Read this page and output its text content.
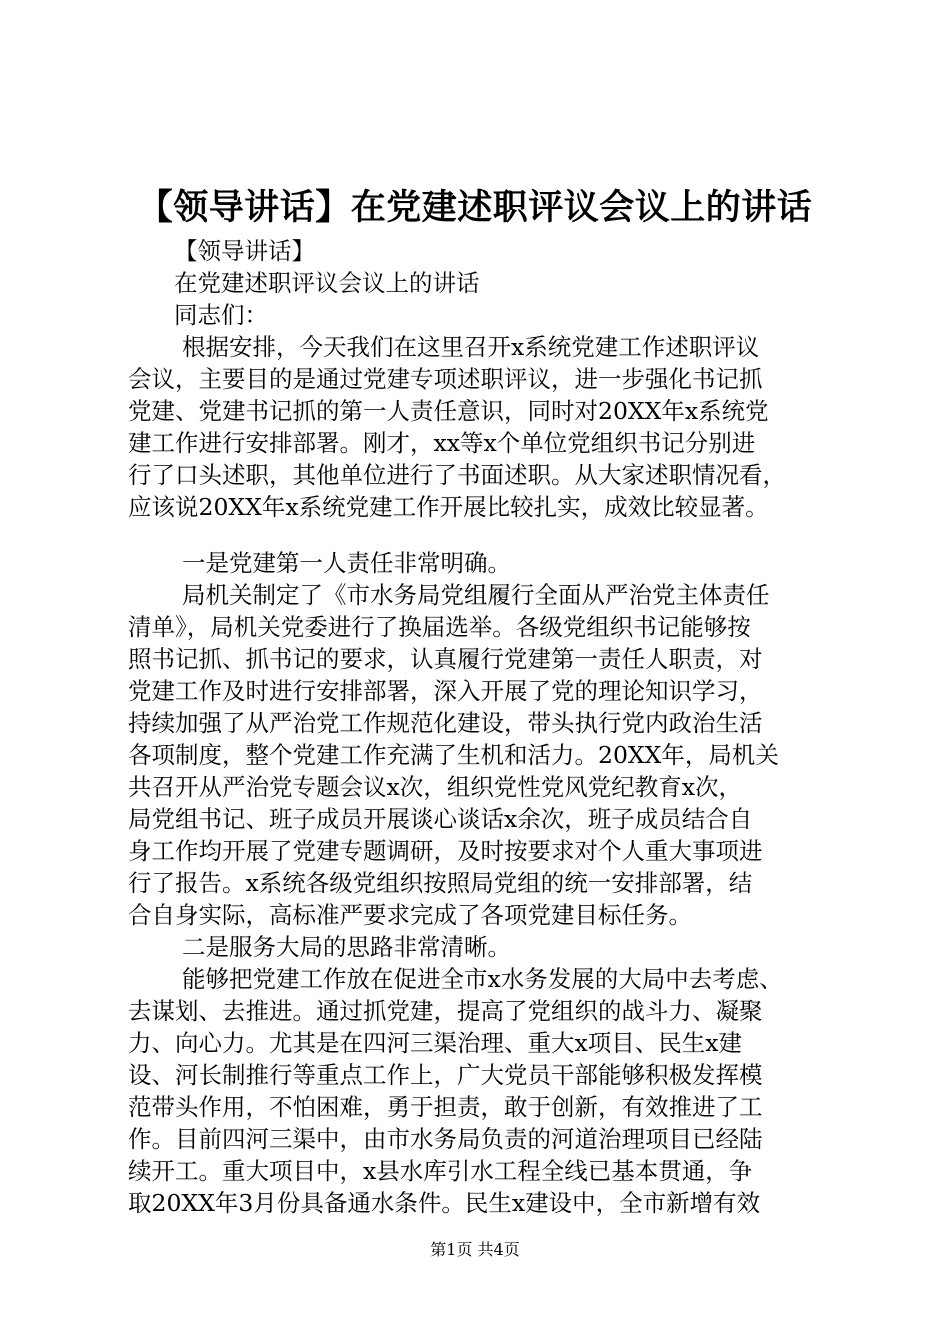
【领导讲话】在党建述职评议会议上的讲话

【领导讲话】

在党建述职评议会议上的讲话

同志们：

根据安排，今天我们在这里召开x系统党建工作述职评议

会议，主要目的是通过党建专项述职评议，进一步强化书记抓

党建、党建书记抓的第一人责任意识，同时对20XX年x系统党

建工作进行安排部署。刚才，xx等x个单位党组织书记分别进

行了口头述职，其他单位进行了书面述职。从大家述职情况看，

应该说20XX年x系统党建工作开展比较扎实，成效比较显著。

一是党建第一人责任非常明确。

局机关制定了《市水务局党组履行全面从严治党主体责任

清单》，局机关党委进行了换届选举。各级党组织书记能够按

照书记抓、抓书记的要求，认真履行党建第一责任人职责，对

党建工作及时进行安排部署，深入开展了党的理论知识学习，

持续加强了从严治党工作规范化建设，带头执行党内政治生活

各项制度，整个党建工作充满了生机和活力。20XX年，局机关

共召开从严治党专题会议x次，组织党性党风党纪教育x次，

局党组书记、班子成员开展谈心谈话x余次，班子成员结合自

身工作均开展了党建专题调研，及时按要求对个人重大事项进

行了报告。x系统各级党组织按照局党组的统一安排部署，结

合自身实际，高标准严要求完成了各项党建目标任务。

二是服务大局的思路非常清晰。

能够把党建工作放在促进全市x水务发展的大局中去考虑、

去谋划、去推进。通过抓党建，提高了党组织的战斗力、凝聚

力、向心力。尤其是在四河三渠治理、重大x项目、民生x建

设、河长制推行等重点工作上，广大党员干部能够积极发挥模

范带头作用，不怕困难，勇于担责，敢于创新，有效推进了工

作。目前四河三渠中，由市水务局负责的河道治理项目已经陆

续开工。重大项目中，x县水库引水工程全线已基本贯通，争

取20XX年3月份具备通水条件。民生x建设中，全市新增有效

第1页 共4页
